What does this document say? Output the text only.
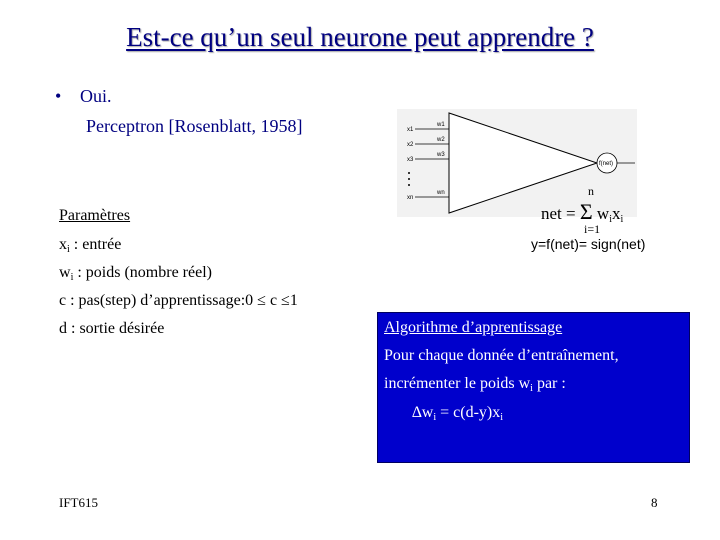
Est-ce qu’un seul neurone peut apprendre ?
• Oui.
Perceptron [Rosenblatt, 1958]
Paramètres
$x_i$ : entrée
$w_i$ : poids (nombre réel)
c : pas(step) d’apprentissage:0 ≤ c ≤1
d : sortie désirée
x1
x2
x3
xn
w1
w2
w3
wn
f(net)
n
net = Σ $w_ix_i$
i=1
y=f(net)= sign(net)
Algorithme d’apprentissage
Pour chaque donnée d’entraînement,
incrémenter le poids $w_i$ par :
$\Delta w_i = c(d-y)x_i$
IFT615	8
